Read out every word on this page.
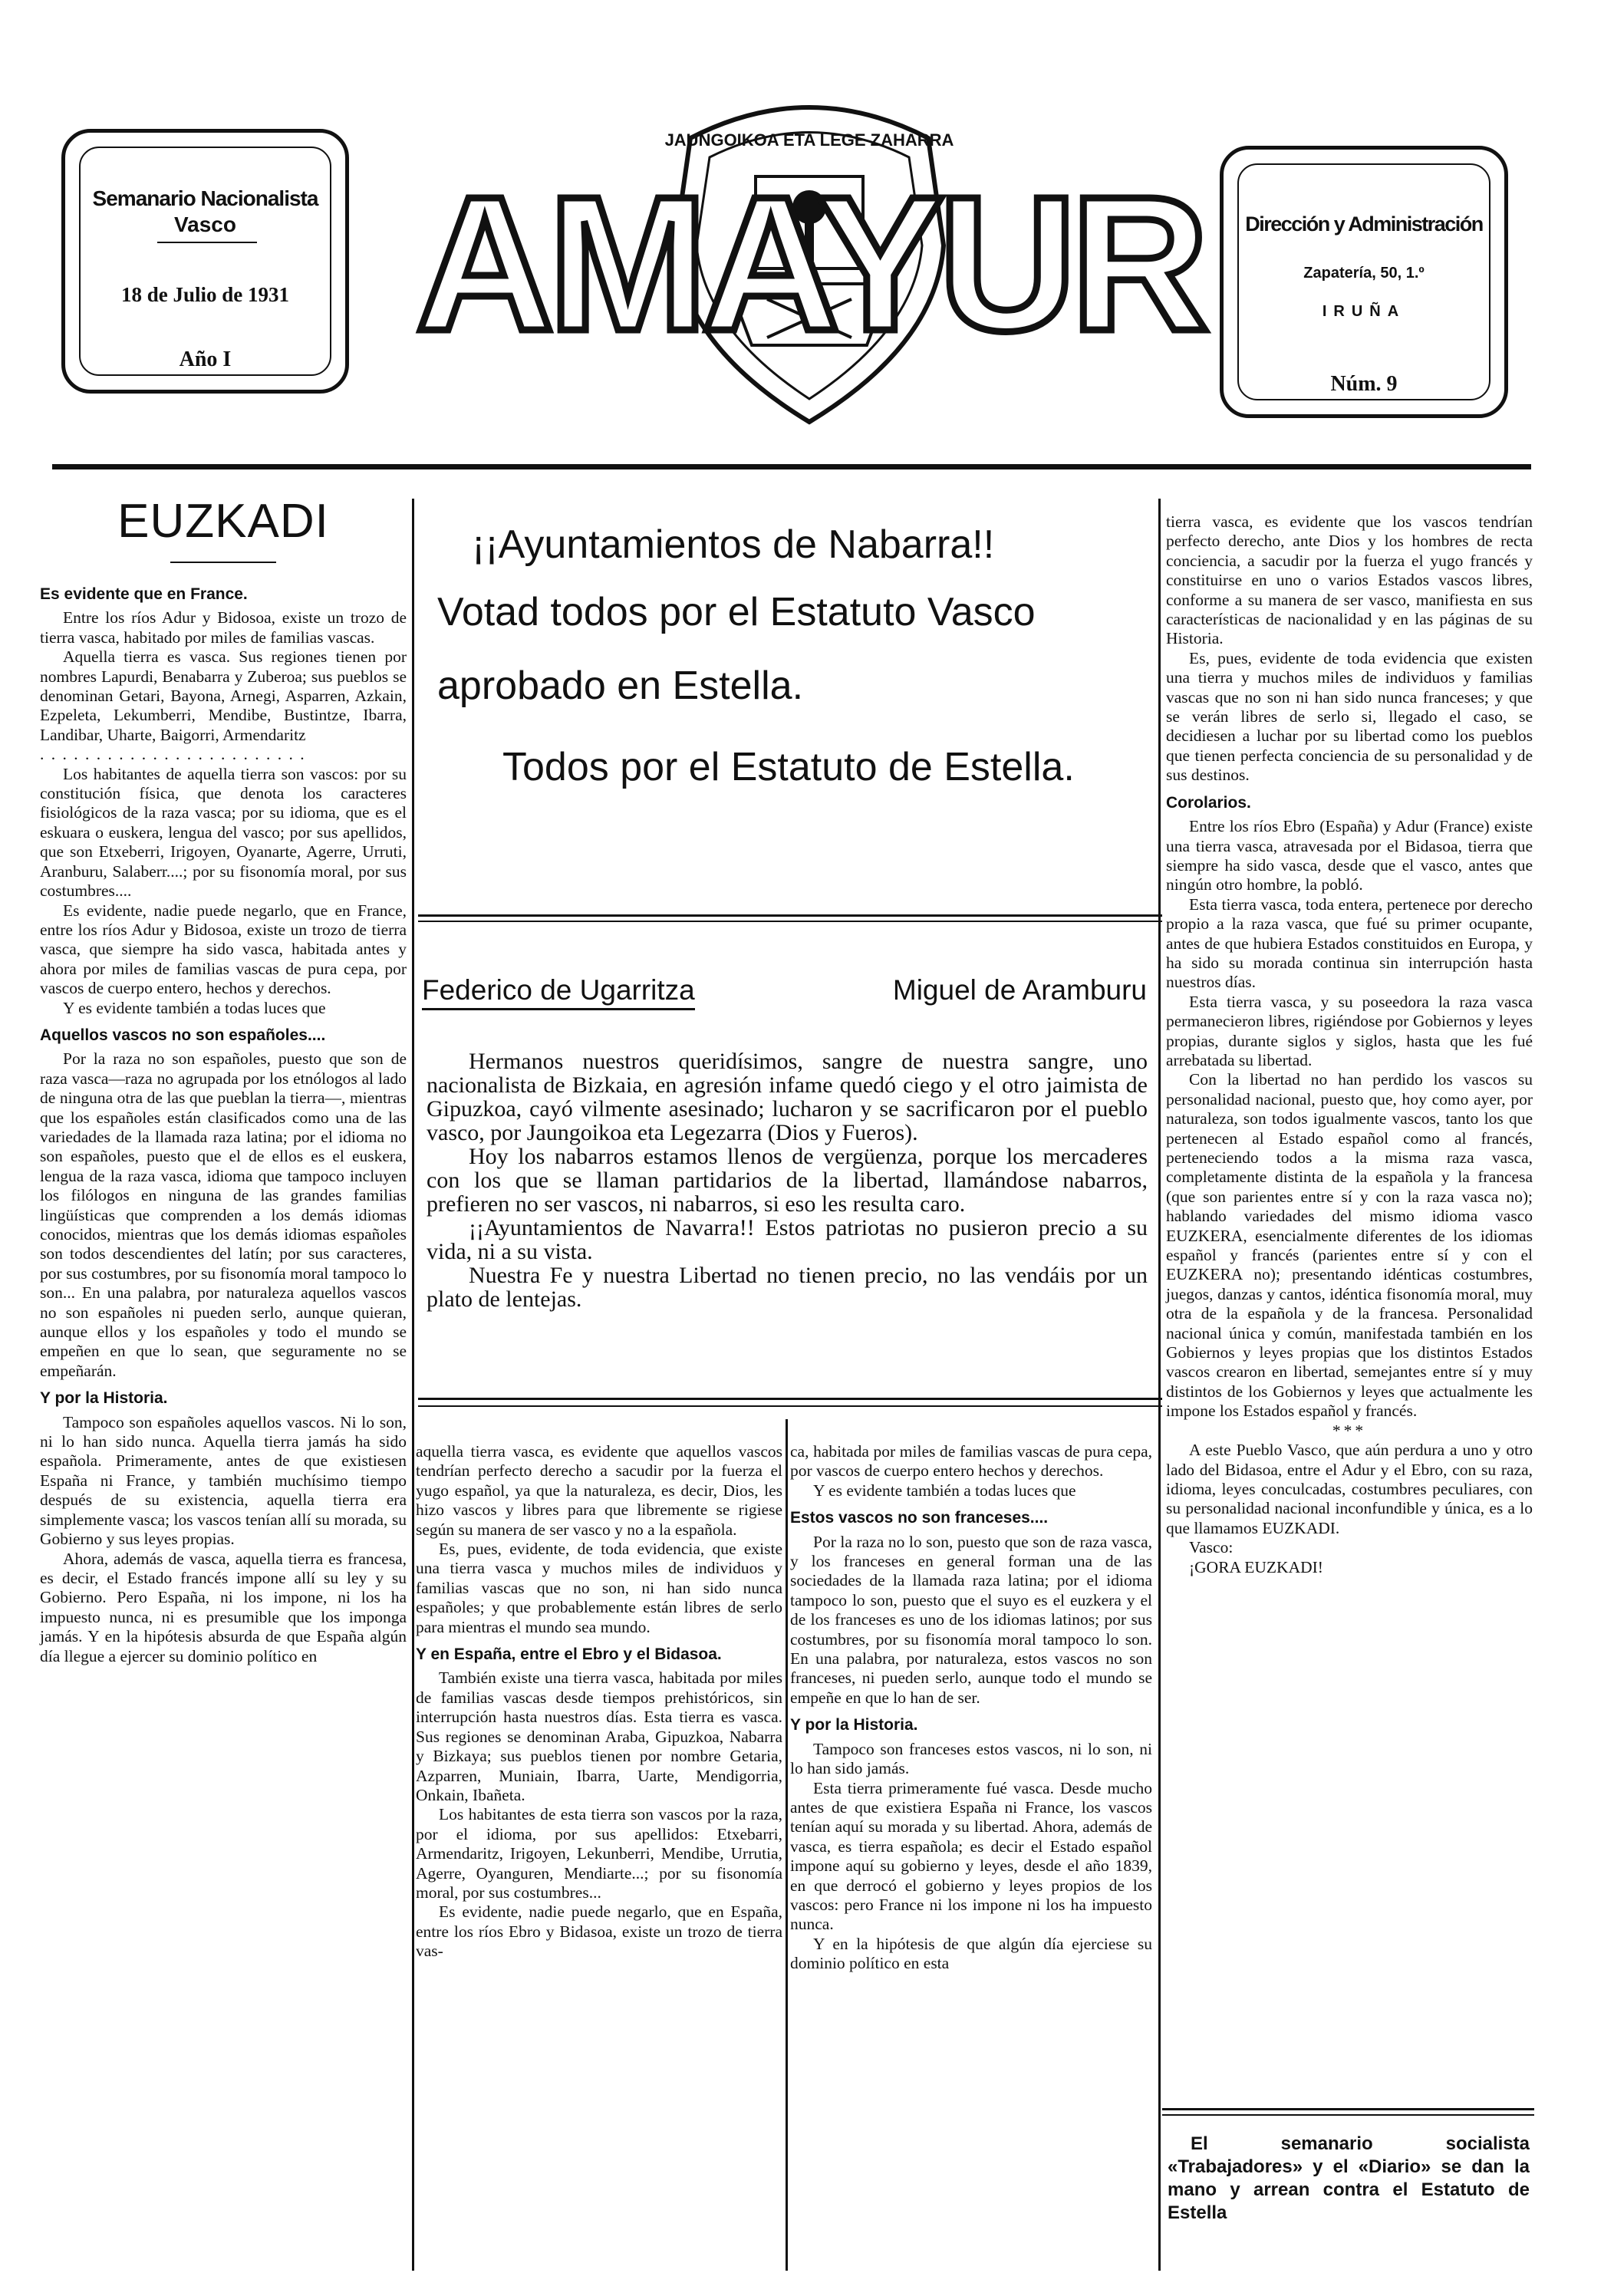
Semanario Nacionalista
Vasco
18 de Julio de 1931
Año I
Dirección y Administración
Zapatería, 50, 1.º
IRUÑA
Núm. 9
JAUNGOIKOA ETA LEGE ZAHARRA
AMAYUR
EUZKADI
Es evidente que en France.

Entre los ríos Adur y Bidosoa, existe un trozo de tierra vasca, habitado por miles de familias vascas.

Aquella tierra es vasca. Sus regiones tienen por nombres Lapurdi, Benabarra y Zuberoa; sus pueblos se denominan Getari, Bayona, Arnegi, Asparren, Azkain, Ezpeleta, Lekumberri, Mendibe, Bustintze, Ibarra, Landibar, Uharte, Baigorri, Armendaritz

. . . . . . . . . . . . . . . . . . . . . . . .

Los habitantes de aquella tierra son vascos: por su constitución física, que denota los caracteres fisiológicos de la raza vasca; por su idioma, que es el eskuara o euskera, lengua del vasco; por sus apellidos, que son Etxeberri, Irigoyen, Oyanarte, Agerre, Urruti, Aranburu, Salaberr....; por su fisonomía moral, por sus costumbres....

Es evidente, nadie puede negarlo, que en France, entre los ríos Adur y Bidosoa, existe un trozo de tierra vasca, que siempre ha sido vasca, habitada antes y ahora por miles de familias vascas de pura cepa, por vascos de cuerpo entero, hechos y derechos.

Y es evidente también a todas luces que

Aquellos vascos no son españoles....

Por la raza no son españoles, puesto que son de raza vasca—raza no agrupada por los etnólogos al lado de ninguna otra de las que pueblan la tierra—, mientras que los españoles están clasificados como una de las variedades de la llamada raza latina; por el idioma no son españoles, puesto que el de ellos es el euskera, lengua de la raza vasca, idioma que tampoco incluyen los filólogos en ninguna de las grandes familias lingüísticas que comprenden a los demás idiomas conocidos, mientras que los demás idiomas españoles son todos descendientes del latín; por sus caracteres, por sus costumbres, por su fisonomía moral tampoco lo son... En una palabra, por naturaleza aquellos vascos no son españoles ni pueden serlo, aunque quieran, aunque ellos y los españoles y todo el mundo se empeñen en que lo sean, que seguramente no se empeñarán.

Y por la Historia.

Tampoco son españoles aquellos vascos. Ni lo son, ni lo han sido nunca. Aquella tierra jamás ha sido española. Primeramente, antes de que existiesen España ni France, y también muchísimo tiempo después de su existencia, aquella tierra era simplemente vasca; los vascos tenían allí su morada, su Gobierno y sus leyes propias.

Ahora, además de vasca, aquella tierra es francesa, es decir, el Estado francés impone allí su ley y su Gobierno. Pero España, ni los impone, ni los ha impuesto nunca, ni es presumible que los imponga jamás. Y en la hipótesis absurda de que España algún día llegue a ejercer su dominio político en

¡¡Ayuntamientos de Nabarra!!
Votad todos por el Estatuto Vasco aprobado en Estella.
Todos por el Estatuto de Estella.
Federico de Ugarritza	Miguel de Aramburu

Hermanos nuestros queridísimos, sangre de nuestra sangre, uno nacionalista de Bizkaia, en agresión infame quedó ciego y el otro jaimista de Gipuzkoa, cayó vilmente asesinado; lucharon y se sacrificaron por el pueblo vasco, por Jaungoikoa eta Legezarra (Dios y Fueros).

Hoy los nabarros estamos llenos de vergüenza, porque los mercaderes con los que se llaman partidarios de la libertad, llamándose nabarros, prefieren no ser vascos, ni nabarros, si eso les resulta caro.

¡¡Ayuntamientos de Navarra!! Estos patriotas no pusieron precio a su vida, ni a su vista.

Nuestra Fe y nuestra Libertad no tienen precio, no las vendáis por un plato de lentejas.

aquella tierra vasca, es evidente que aquellos vascos tendrían perfecto derecho a sacudir por la fuerza el yugo español, ya que la naturaleza, es decir, Dios, les hizo vascos y libres para que libremente se rigiese según su manera de ser vasco y no a la española.

Es, pues, evidente, de toda evidencia, que existe una tierra vasca y muchos miles de individuos y familias vascas que no son, ni han sido nunca españoles; y que probablemente están libres de serlo para mientras el mundo sea mundo.

Y en España, entre el Ebro y el Bidasoa.

También existe una tierra vasca, habitada por miles de familias vascas desde tiempos prehistóricos, sin interrupción hasta nuestros días. Esta tierra es vasca. Sus regiones se denominan Araba, Gipuzkoa, Nabarra y Bizkaya; sus pueblos tienen por nombre Getaria, Azparren, Muniain, Ibarra, Uarte, Mendigorria, Onkain, Ibañeta.

Los habitantes de esta tierra son vascos por la raza, por el idioma, por sus apellidos: Etxebarri, Armendaritz, Irigoyen, Lekunberri, Mendibe, Urrutia, Agerre, Oyanguren, Mendiarte...; por su fisonomía moral, por sus costumbres...

Es evidente, nadie puede negarlo, que en España, entre los ríos Ebro y Bidasoa, existe un trozo de tierra vas-

ca, habitada por miles de familias vascas de pura cepa, por vascos de cuerpo entero hechos y derechos.

Y es evidente también a todas luces que

Estos vascos no son franceses....

Por la raza no lo son, puesto que son de raza vasca, y los franceses en general forman una de las sociedades de la llamada raza latina; por el idioma tampoco lo son, puesto que el suyo es el euzkera y el de los franceses es uno de los idiomas latinos; por sus costumbres, por su fisonomía moral tampoco lo son. En una palabra, por naturaleza, estos vascos no son franceses, ni pueden serlo, aunque todo el mundo se empeñe en que lo han de ser.

Y por la Historia.

Tampoco son franceses estos vascos, ni lo son, ni lo han sido jamás.

Esta tierra primeramente fué vasca. Desde mucho antes de que existiera España ni France, los vascos tenían aquí su morada y su libertad. Ahora, además de vasca, es tierra española; es decir el Estado español impone aquí su gobierno y leyes, desde el año 1839, en que derrocó el gobierno y leyes propios de los vascos: pero France ni los impone ni los ha impuesto nunca.

Y en la hipótesis de que algún día ejerciese su dominio político en esta

tierra vasca, es evidente que los vascos tendrían perfecto derecho, ante Dios y los hombres de recta conciencia, a sacudir por la fuerza el yugo francés y constituirse en uno o varios Estados vascos libres, conforme a su manera de ser vasco, manifiesta en sus características de nacionalidad y en las páginas de su Historia.

Es, pues, evidente de toda evidencia que existen una tierra y muchos miles de individuos y familias vascas que no son ni han sido nunca franceses; y que se verán libres de serlo si, llegado el caso, se decidiesen a luchar por su libertad como los pueblos que tienen perfecta conciencia de su personalidad y de sus destinos.

Corolarios.

Entre los ríos Ebro (España) y Adur (France) existe una tierra vasca, atravesada por el Bidasoa, tierra que siempre ha sido vasca, desde que el vasco, antes que ningún otro hombre, la pobló.

Esta tierra vasca, toda entera, pertenece por derecho propio a la raza vasca, que fué su primer ocupante, antes de que hubiera Estados constituidos en Europa, y ha sido su morada continua sin interrupción hasta nuestros días.

Esta tierra vasca, y su poseedora la raza vasca permanecieron libres, rigiéndose por Gobiernos y leyes propias, durante siglos y siglos, hasta que les fué arrebatada su libertad.

Con la libertad no han perdido los vascos su personalidad nacional, puesto que, hoy como ayer, por naturaleza, son todos igualmente vascos, tanto los que pertenecen al Estado español como al francés, perteneciendo todos a la misma raza vasca, completamente distinta de la española y la francesa (que son parientes entre sí y con la raza vasca no); hablando variedades del mismo idioma vasco EUZKERA, esencialmente diferentes de los idiomas español y francés (parientes entre sí y con el EUZKERA no); presentando idénticas costumbres, juegos, danzas y cantos, idéntica fisonomía moral, muy otra de la española y de la francesa. Personalidad nacional única y común, manifestada también en los Gobiernos y leyes propias que los distintos Estados vascos crearon en libertad, semejantes entre sí y muy distintos de los Gobiernos y leyes que actualmente les impone los Estados español y francés.

***

A este Pueblo Vasco, que aún perdura a uno y otro lado del Bidasoa, entre el Adur y el Ebro, con su raza, idioma, leyes conculcadas, costumbres peculiares, con su personalidad nacional inconfundible y única, es a lo que llamamos EUZKADI.

Vasco:
¡GORA EUZKADI!
El semanario socialista «Trabajadores» y el «Diario» se dan la mano y arrean contra el Estatuto de Estella
